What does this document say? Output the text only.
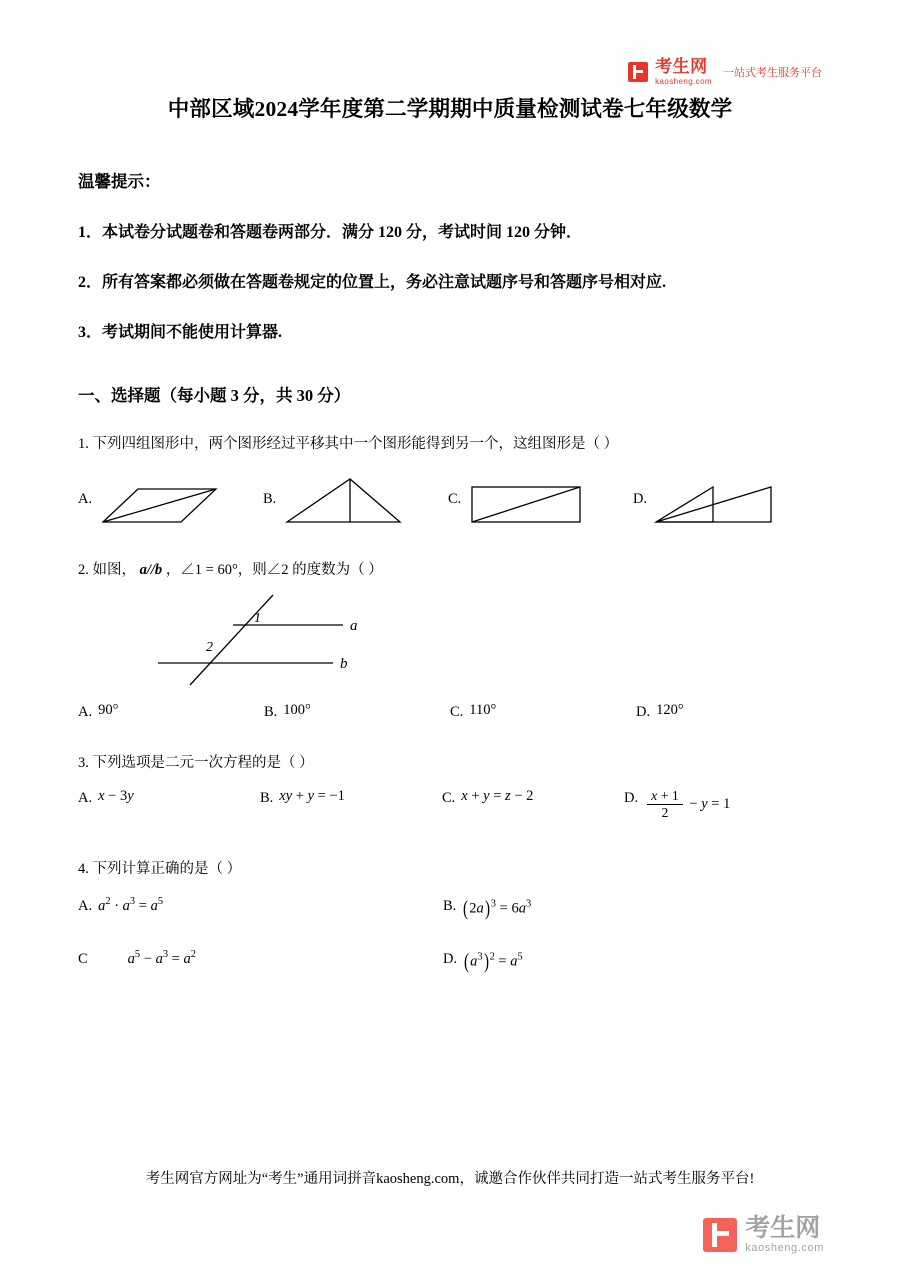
考生网
kaosheng.com
一站式考生服务平台
中部区域2024学年度第二学期期中质量检测试卷七年级数学
温馨提示：
1．本试卷分试题卷和答题卷两部分．满分 120 分，考试时间 120 分钟．
2．所有答案都必须做在答题卷规定的位置上，务必注意试题序号和答题序号相对应.
3．考试期间不能使用计算器.
一、选择题（每小题 3 分，共 30 分）
1. 下列四组图形中，两个图形经过平移其中一个图形能得到另一个，这组图形是（ ）
A.	B.	C.	D.
2. 如图， a//b ，∠1 = 60°，则∠2 的度数为（ ）
1
2
a
b
A. 90°	B. 100°	C. 110°	D. 120°
3. 下列选项是二元一次方程的是（ ）
A. x − 3y	B. xy + y = −1	C. x + y = z − 2	D. $\frac{x + 1}{2} - y = 1$
4. 下列计算正确的是（ ）
A. $a^2 \cdot a^3 = a^5$	B. $(2a)^3 = 6a^3$
C	$a^5 - a^3 = a^2$	D. $(a^3)^2 = a^5$
考生网官方网址为“考生”通用词拼音kaosheng.com，诚邀合作伙伴共同打造一站式考生服务平台!
考生网
kaosheng.com
